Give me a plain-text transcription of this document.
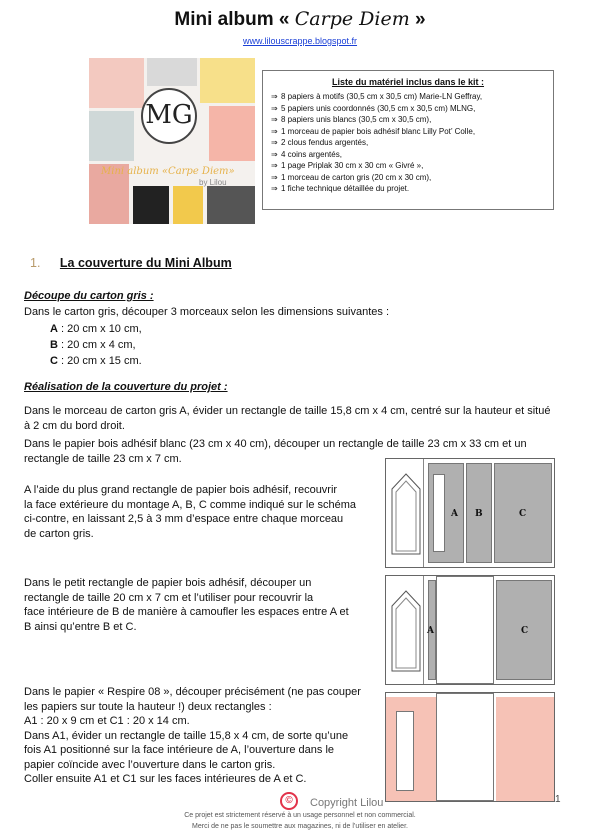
Mini album « Carpe Diem »
www.lilouscrappe.blogspot.fr
MG
Mini album «Carpe Diem»
by Lilou
Liste du matériel inclus dans le kit :
⇒ 8 papiers à motifs (30,5 cm x 30,5 cm) Marie-LN Geffray,
⇒ 5 papiers unis coordonnés (30,5 cm x 30,5 cm) MLNG,
⇒ 8 papiers unis blancs (30,5 cm x 30,5 cm),
⇒ 1 morceau de papier bois adhésif blanc Lilly Pot’ Colle,
⇒ 2 clous fendus argentés,
⇒ 4 coins argentés,
⇒ 1 page Priplak 30 cm x 30 cm « Givré »,
⇒ 1 morceau de carton gris (20 cm x 30 cm),
⇒ 1 fiche technique détaillée du projet.
1. La couverture du Mini Album
Découpe du carton gris :
Dans le carton gris, découper 3 morceaux selon les dimensions suivantes :
A : 20 cm x 10 cm,
B : 20 cm x 4 cm,
C : 20 cm x 15 cm.
Réalisation de la couverture du projet :
Dans le morceau de carton gris A, évider un rectangle de taille 15,8 cm x 4 cm, centré sur la hauteur et situé
à 2 cm du bord droit.
Dans le papier bois adhésif blanc (23 cm x 40 cm), découper un rectangle de taille 23 cm x 33 cm et un
rectangle de taille 23 cm x 7 cm.
A l’aide du plus grand rectangle de papier bois adhésif, recouvrir
la face extérieure du montage A, B, C comme indiqué sur le schéma
ci-contre, en laissant 2,5 à 3 mm d’espace entre chaque morceau
de carton gris.
Dans le petit rectangle de papier bois adhésif, découper un
rectangle de taille 20 cm x 7 cm et l’utiliser pour recouvrir la
face intérieure de B de manière à camoufler les espaces entre A et
B ainsi qu’entre B et C.
Dans le papier « Respire 08 », découper précisément (ne pas couper
les papiers sur toute la hauteur !) deux rectangles :
A1 : 20 x 9 cm et C1 : 20 x 14 cm.
Dans A1, évider un rectangle de taille 15,8 x 4 cm, de sorte qu’une
fois A1 positionné sur la face intérieure de A, l’ouverture dans le
papier coïncide avec l’ouverture dans le carton gris.
Coller ensuite A1 et C1 sur les faces intérieures de A et C.
A B	C
A	C
©	Copyright Lilou	1
Ce projet est strictement réservé à un usage personnel et non commercial.
Merci de ne pas le soumettre aux magazines, ni de l’utiliser en atelier.
